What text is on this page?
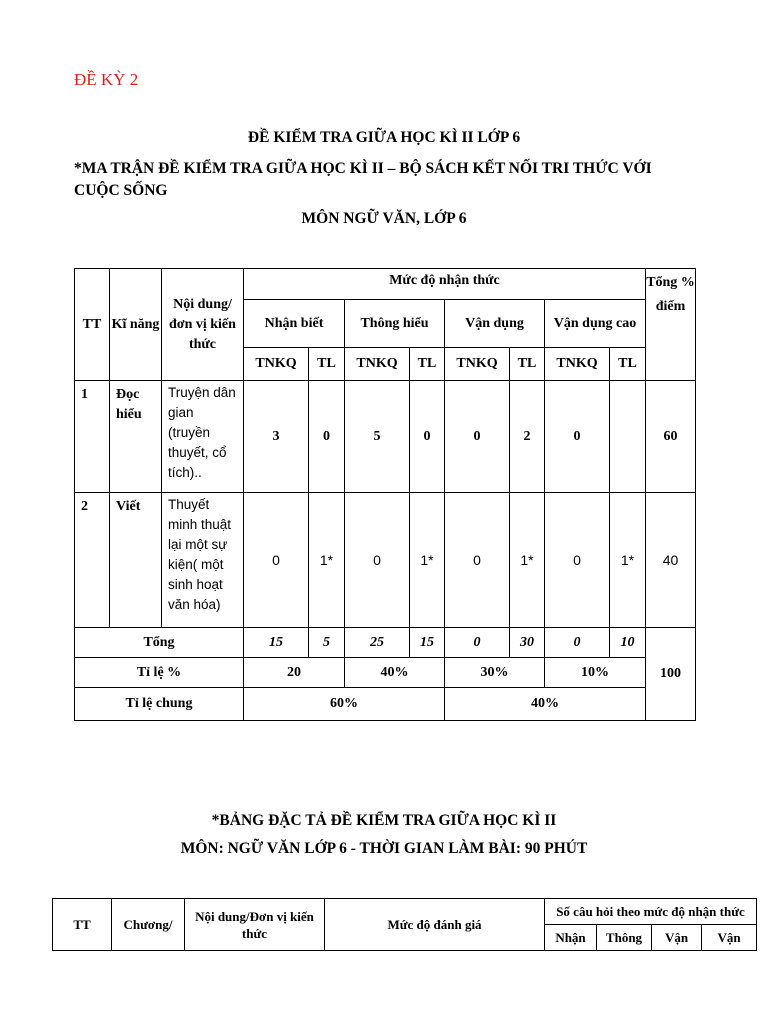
ĐỀ KỲ 2
ĐỀ KIỂM TRA GIỮA HỌC KÌ II LỚP 6
*MA TRẬN ĐỀ KIỂM TRA GIỮA HỌC KÌ II – BỘ SÁCH KẾT NỐI TRI THỨC VỚI CUỘC SỐNG
MÔN NGỮ VĂN, LỚP 6
TT	Kĩ năng	Nội dung/đơn vị kiến thức	Mức độ nhận thức								Tổng % điểm
			Nhận biết		Thông hiểu		Vận dụng		Vận dụng cao		
			TNKQ	TL	TNKQ	TL	TNKQ	TL	TNKQ	TL	
1	Đọc hiểu	Truyện dân gian (truyền thuyết, cổ tích)..	3	0	5	0	0	2	0		60
2	Viết	Thuyết minh thuật lại một sự kiện( một sinh hoạt văn hóa)	0	1*	0	1*	0	1*	0	1*	40
Tổng			15	5	25	15	0	30	0	10	100
Tỉ lệ %			20		40%		30%		10%		
Tỉ lệ chung			60%				40%				
*BẢNG ĐẶC TẢ ĐỀ KIỂM TRA GIỮA HỌC KÌ II
MÔN: NGỮ VĂN LỚP 6 - THỜI GIAN LÀM BÀI: 90 PHÚT
TT	Chương/	Nội dung/Đơn vị kiến thức	Mức độ đánh giá	Số câu hỏi theo mức độ nhận thức			
				Nhận	Thông	Vận	Vận
